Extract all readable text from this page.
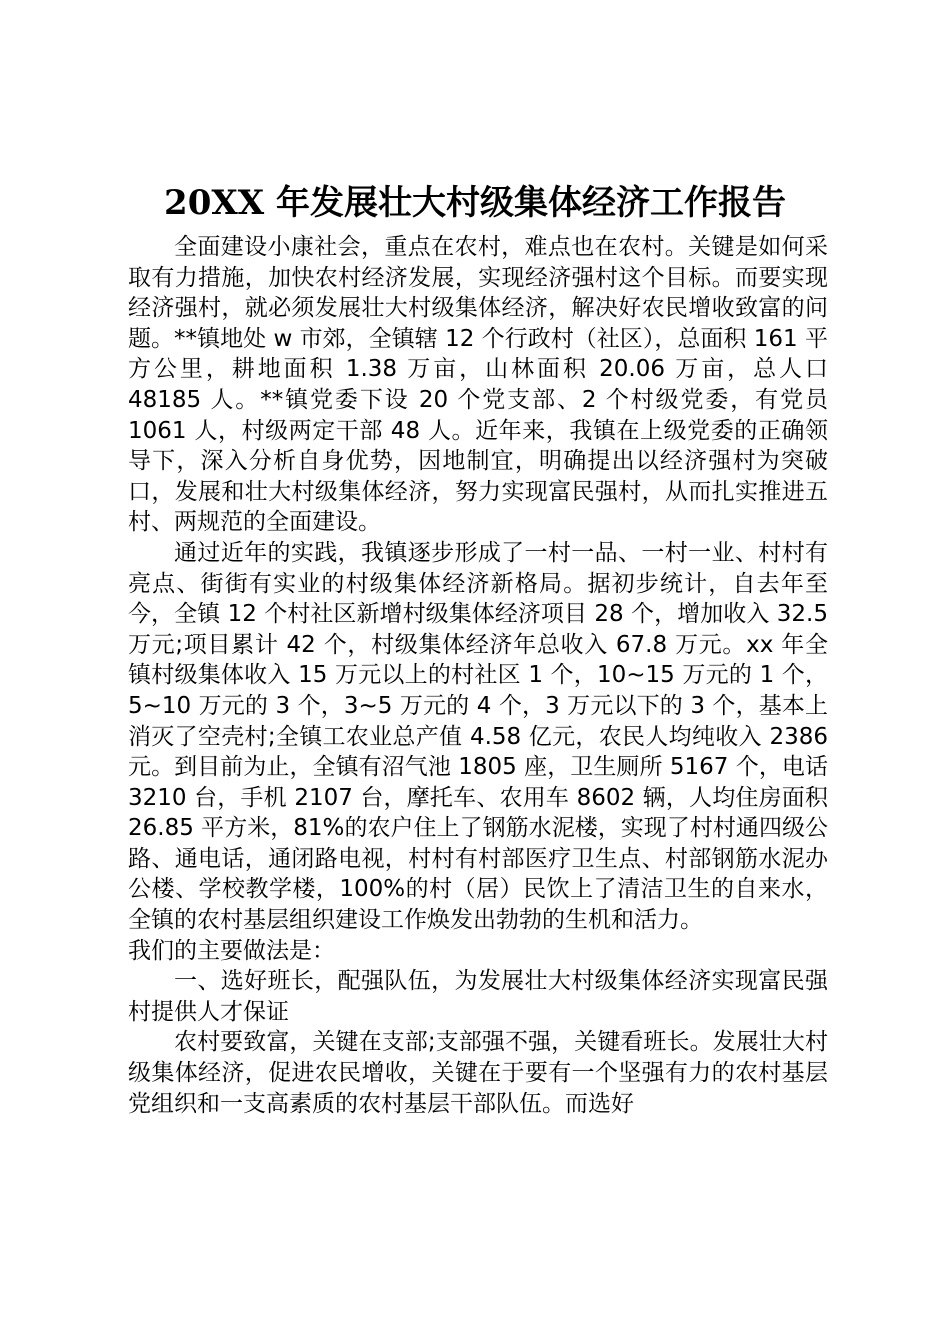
20XX 年发展壮大村级集体经济工作报告

全面建设小康社会，重点在农村，难点也在农村。关键是如何采取有力措施，加快农村经济发展，实现经济强村这个目标。而要实现经济强村，就必须发展壮大村级集体经济，解决好农民增收致富的问题。**镇地处 w 市郊，全镇辖 12 个行政村（社区），总面积 161 平方公里，耕地面积 1.38 万亩，山林面积 20.06 万亩，总人口 48185 人。**镇党委下设 20 个党支部、2 个村级党委，有党员 1061 人，村级两定干部 48 人。近年来，我镇在上级党委的正确领导下，深入分析自身优势，因地制宜，明确提出以经济强村为突破口，发展和壮大村级集体经济，努力实现富民强村，从而扎实推进五村、两规范的全面建设。

通过近年的实践，我镇逐步形成了一村一品、一村一业、村村有亮点、街街有实业的村级集体经济新格局。据初步统计，自去年至今，全镇 12 个村社区新增村级集体经济项目 28 个，增加收入 32.5 万元;项目累计 42 个，村级集体经济年总收入 67.8 万元。xx 年全镇村级集体收入 15 万元以上的村社区 1 个，10~15 万元的 1 个，5~10 万元的 3 个，3~5 万元的 4 个，3 万元以下的 3 个，基本上消灭了空壳村;全镇工农业总产值 4.58 亿元，农民人均纯收入 2386 元。到目前为止，全镇有沼气池 1805 座，卫生厕所 5167 个，电话 3210 台，手机 2107 台，摩托车、农用车 8602 辆，人均住房面积 26.85 平方米，81%的农户住上了钢筋水泥楼，实现了村村通四级公路、通电话，通闭路电视，村村有村部医疗卫生点、村部钢筋水泥办公楼、学校教学楼，100%的村（居）民饮上了清洁卫生的自来水，全镇的农村基层组织建设工作焕发出勃勃的生机和活力。

我们的主要做法是：

一、选好班长，配强队伍，为发展壮大村级集体经济实现富民强村提供人才保证

农村要致富，关键在支部;支部强不强，关键看班长。发展壮大村级集体经济，促进农民增收，关键在于要有一个坚强有力的农村基层党组织和一支高素质的农村基层干部队伍。而选好
